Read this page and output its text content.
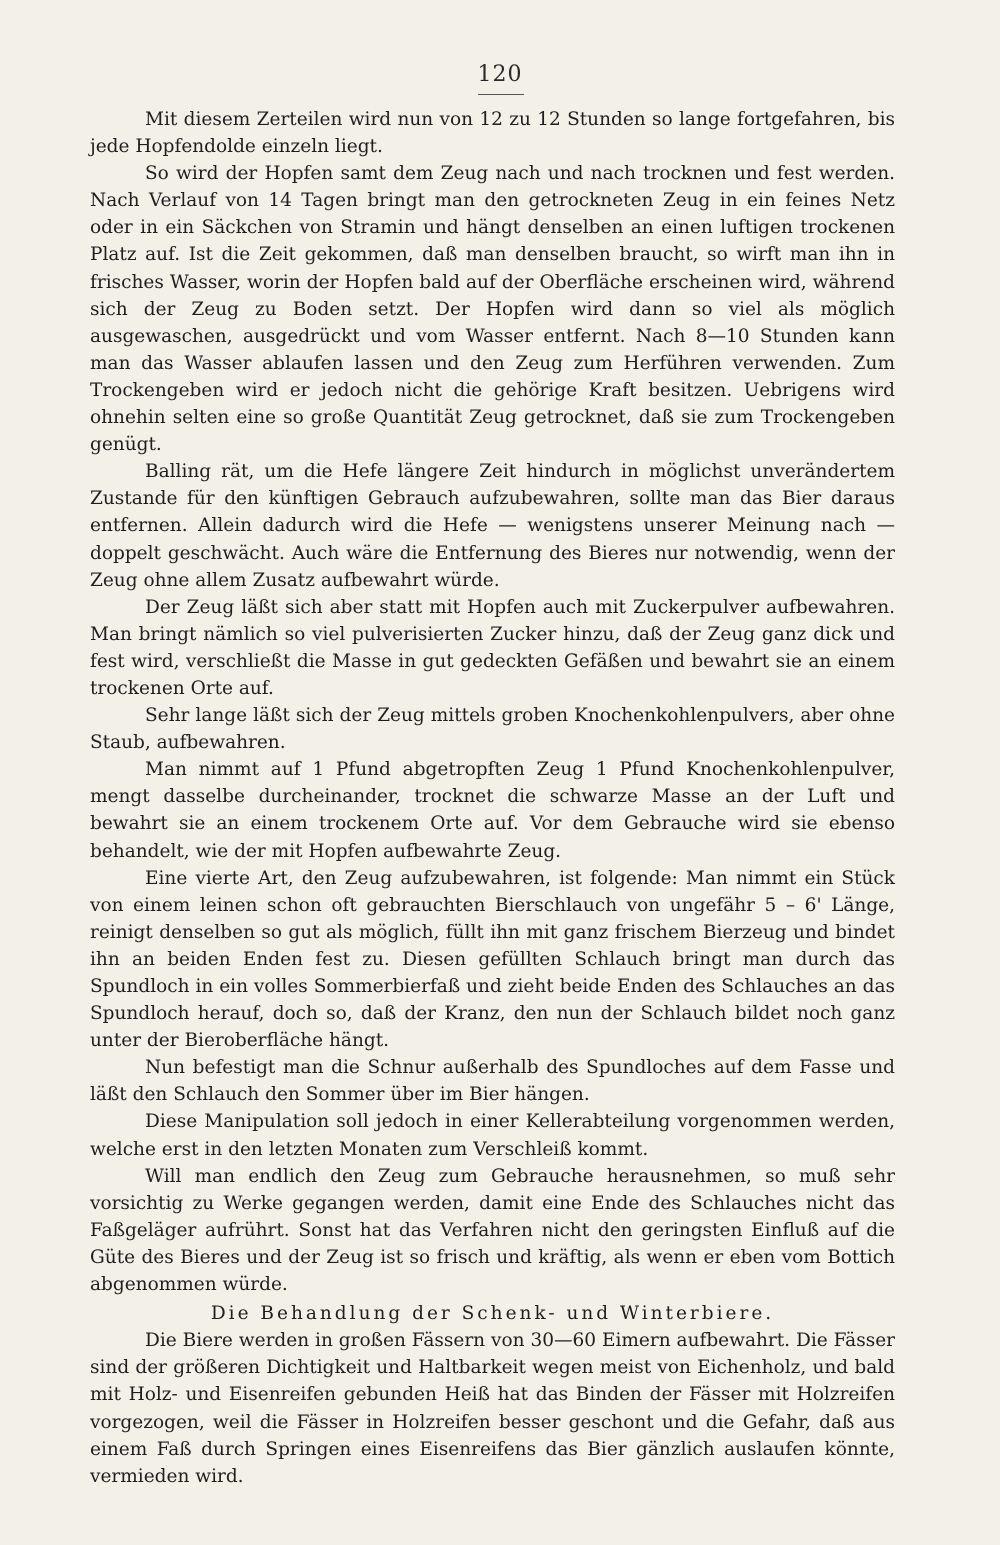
120

Mit diesem Zerteilen wird nun von 12 zu 12 Stunden so lange fortgefahren, bis jede Hopfendolde einzeln liegt.

So wird der Hopfen samt dem Zeug nach und nach trocknen und fest werden. Nach Verlauf von 14 Tagen bringt man den getrockneten Zeug in ein feines Netz oder in ein Säckchen von Stramin und hängt denselben an einen luftigen trockenen Platz auf. Ist die Zeit gekommen, daß man denselben braucht, so wirft man ihn in frisches Wasser, worin der Hopfen bald auf der Oberfläche erscheinen wird, während sich der Zeug zu Boden setzt. Der Hopfen wird dann so viel als möglich ausgewaschen, ausgedrückt und vom Wasser entfernt. Nach 8—10 Stunden kann man das Wasser ablaufen lassen und den Zeug zum Herführen verwenden. Zum Trockengeben wird er jedoch nicht die gehörige Kraft besitzen. Uebrigens wird ohnehin selten eine so große Quantität Zeug getrocknet, daß sie zum Trockengeben genügt.

Balling rät, um die Hefe längere Zeit hindurch in möglichst unverändertem Zustande für den künftigen Gebrauch aufzubewahren, sollte man das Bier daraus entfernen. Allein dadurch wird die Hefe — wenigstens unserer Meinung nach — doppelt geschwächt. Auch wäre die Entfernung des Bieres nur notwendig, wenn der Zeug ohne allem Zusatz aufbewahrt würde.

Der Zeug läßt sich aber statt mit Hopfen auch mit Zuckerpulver aufbewahren. Man bringt nämlich so viel pulverisierten Zucker hinzu, daß der Zeug ganz dick und fest wird, verschließt die Masse in gut gedeckten Gefäßen und bewahrt sie an einem trockenen Orte auf.

Sehr lange läßt sich der Zeug mittels groben Knochenkohlenpulvers, aber ohne Staub, aufbewahren.

Man nimmt auf 1 Pfund abgetropften Zeug 1 Pfund Knochenkohlenpulver, mengt dasselbe durcheinander, trocknet die schwarze Masse an der Luft und bewahrt sie an einem trockenem Orte auf. Vor dem Gebrauche wird sie ebenso behandelt, wie der mit Hopfen aufbewahrte Zeug.

Eine vierte Art, den Zeug aufzubewahren, ist folgende: Man nimmt ein Stück von einem leinen schon oft gebrauchten Bierschlauch von ungefähr 5 – 6' Länge, reinigt denselben so gut als möglich, füllt ihn mit ganz frischem Bierzeug und bindet ihn an beiden Enden fest zu. Diesen gefüllten Schlauch bringt man durch das Spundloch in ein volles Sommerbierfaß und zieht beide Enden des Schlauches an das Spundloch herauf, doch so, daß der Kranz, den nun der Schlauch bildet noch ganz unter der Bieroberfläche hängt.

Nun befestigt man die Schnur außerhalb des Spundloches auf dem Fasse und läßt den Schlauch den Sommer über im Bier hängen.

Diese Manipulation soll jedoch in einer Kellerabteilung vorgenommen werden, welche erst in den letzten Monaten zum Verschleiß kommt.

Will man endlich den Zeug zum Gebrauche herausnehmen, so muß sehr vorsichtig zu Werke gegangen werden, damit eine Ende des Schlauches nicht das Faßgeläger aufrührt. Sonst hat das Verfahren nicht den geringsten Einfluß auf die Güte des Bieres und der Zeug ist so frisch und kräftig, als wenn er eben vom Bottich abgenommen würde.

Die Behandlung der Schenk- und Winterbiere.

Die Biere werden in großen Fässern von 30—60 Eimern aufbewahrt. Die Fässer sind der größeren Dichtigkeit und Haltbarkeit wegen meist von Eichenholz, und bald mit Holz- und Eisenreifen gebunden Heiß hat das Binden der Fässer mit Holzreifen vorgezogen, weil die Fässer in Holzreifen besser geschont und die Gefahr, daß aus einem Faß durch Springen eines Eisenreifens das Bier gänzlich auslaufen könnte, vermieden wird.
